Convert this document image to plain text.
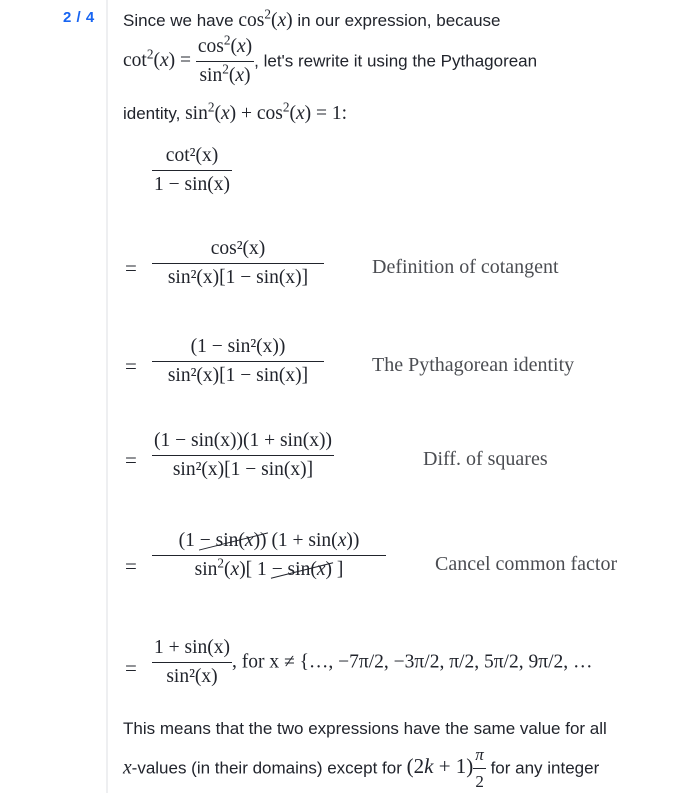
2 / 4 Since we have $\cos^2(x)$ in our expression, because
$\cot^2(x) = \frac{\cos^2(x)}{\sin^2(x)}$ , let's rewrite it using the Pythagorean
identity, $\sin^2(x) + \cos^2(x) = 1$:
$\frac{\text{cot²(x)}}{1 - \sin(x)}$
= $\frac{\text{cos²(x)}}{\text{sin²(x)[1 − sin(x)]}}$ Definition of cotangent
= $\frac{\text{(1 − sin²(x))}}{\text{sin²(x)[1 − sin(x)]}}$ The Pythagorean identity
= $\frac{(1 - \sin(x))(1 + \sin(x))}{\text{sin²(x)[1 − sin(x)]}}$	Diff. of squares
= $\frac{(1 - \sin(x)) (1 + \sin(x))}{\sin^2(x)[ 1 - \sin(x) ]}$ Cancel common factor
= $\frac{1 + \sin(x)}{\text{sin²(x)}}$ , for x ≠ {…, −7π/2, −3π/2, π/2, 5π/2, 9π/2, …
This means that the two expressions have the same value for all
x-values (in their domains) except for $(2k + 1) \frac{\pi}{2}$ for any integer
